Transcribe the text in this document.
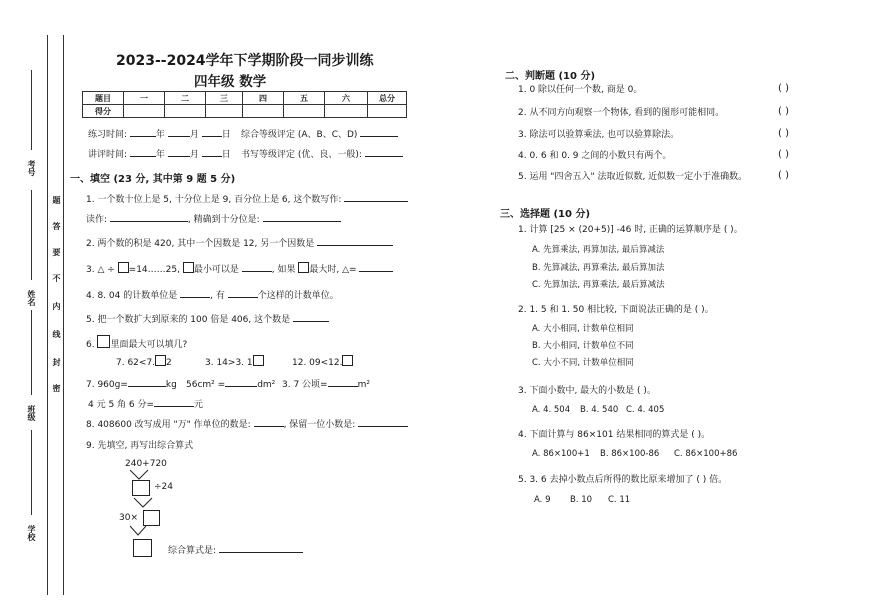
考号
姓名
班级
学校
题
答
要
不
内
线
封
密
2023--2024学年下学期阶段一同步训练
四年级 数学
题目	一	二	三	四	五	六	总分
得分							
练习时间:	年	月	日 综合等级评定 (A、B、C、D)
讲评时间:	年	月	日 书写等级评定 (优、良、一般):
一、填空 (23 分, 其中第 9 题 5 分)
1. 一个数十位上是 5, 十分位上是 9, 百分位上是 6, 这个数写作:
读作:	, 精确到十分位是:
2. 两个数的积是 420, 其中一个因数是 12, 另一个因数是
3. △ ÷ =14……25, 最小可以是	, 如果 最大时, △=
4. 8. 04 的计数单位是	, 有	个这样的计数单位。
5. 把一个数扩大到原来的 100 倍是 406, 这个数是
6. 里面最大可以填几?
7. 62<7. 2	3. 14>3. 1	12. 09<12.
7. 960g=	kg 56cm² =	dm² 3. 7 公顷=	m²
4 元 5 角 6 分=	元
8. 408600 改写成用 "万" 作单位的数是:	, 保留一位小数是:
9. 先填空, 再写出综合算式
240+720
÷24
30×
综合算式是:
二、判断题 (10 分)
1. 0 除以任何一个数, 商是 0。	( )
2. 从不同方向观察一个物体, 看到的图形可能相同。	( )
3. 除法可以验算乘法, 也可以验算除法。	( )
4. 0. 6 和 0. 9 之间的小数只有两个。	( )
5. 运用 "四舍五入" 法取近似数, 近似数一定小于准确数。	( )
三、选择题 (10 分)
1. 计算 [25 × (20+5)] -46 时, 正确的运算顺序是 ( )。
A. 先算乘法, 再算加法, 最后算减法
B. 先算减法, 再算乘法, 最后算加法
C. 先算加法, 再算乘法, 最后算减法
2. 1. 5 和 1. 50 相比较, 下面说法正确的是 ( )。
A. 大小相同, 计数单位相同
B. 大小相同, 计数单位不同
C. 大小不同, 计数单位相同
3. 下面小数中, 最大的小数是 ( )。
A. 4. 504 B. 4. 540 C. 4. 405
4. 下面计算与 86×101 结果相同的算式是 ( )。
A. 86×100+1 B. 86×100-86 C. 86×100+86
5. 3. 6 去掉小数点后所得的数比原来增加了 ( ) 倍。
A. 9 B. 10 C. 11
